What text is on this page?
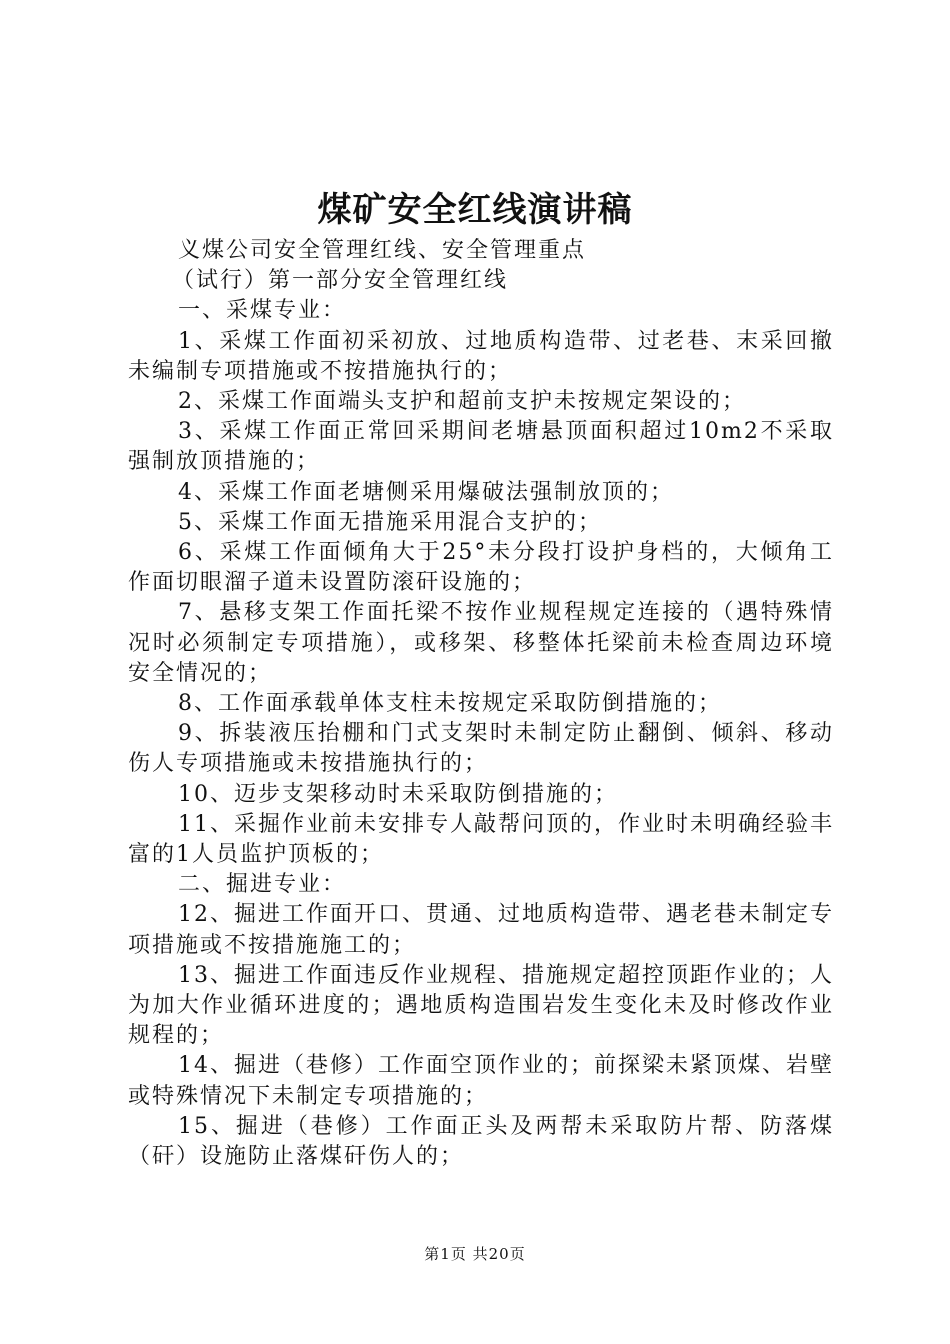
煤矿安全红线演讲稿

义煤公司安全管理红线、安全管理重点

（试行）第一部分安全管理红线

一、采煤专业：

1、采煤工作面初采初放、过地质构造带、过老巷、末采回撤未编制专项措施或不按措施执行的；

2、采煤工作面端头支护和超前支护未按规定架设的；

3、采煤工作面正常回采期间老塘悬顶面积超过10m2不采取强制放顶措施的；

4、采煤工作面老塘侧采用爆破法强制放顶的；

5、采煤工作面无措施采用混合支护的；

6、采煤工作面倾角大于25°未分段打设护身档的，大倾角工作面切眼溜子道未设置防滚矸设施的；

7、悬移支架工作面托梁不按作业规程规定连接的（遇特殊情况时必须制定专项措施），或移架、移整体托梁前未检查周边环境安全情况的；

8、工作面承载单体支柱未按规定采取防倒措施的；

9、拆装液压抬棚和门式支架时未制定防止翻倒、倾斜、移动伤人专项措施或未按措施执行的；

10、迈步支架移动时未采取防倒措施的；

11、采掘作业前未安排专人敲帮问顶的，作业时未明确经验丰富的1人员监护顶板的；

二、掘进专业：

12、掘进工作面开口、贯通、过地质构造带、遇老巷未制定专项措施或不按措施施工的；

13、掘进工作面违反作业规程、措施规定超控顶距作业的；人为加大作业循环进度的；遇地质构造围岩发生变化未及时修改作业规程的；

14、掘进（巷修）工作面空顶作业的；前探梁未紧顶煤、岩壁或特殊情况下未制定专项措施的；

15、掘进（巷修）工作面正头及两帮未采取防片帮、防落煤（矸）设施防止落煤矸伤人的；

第1页 共20页
